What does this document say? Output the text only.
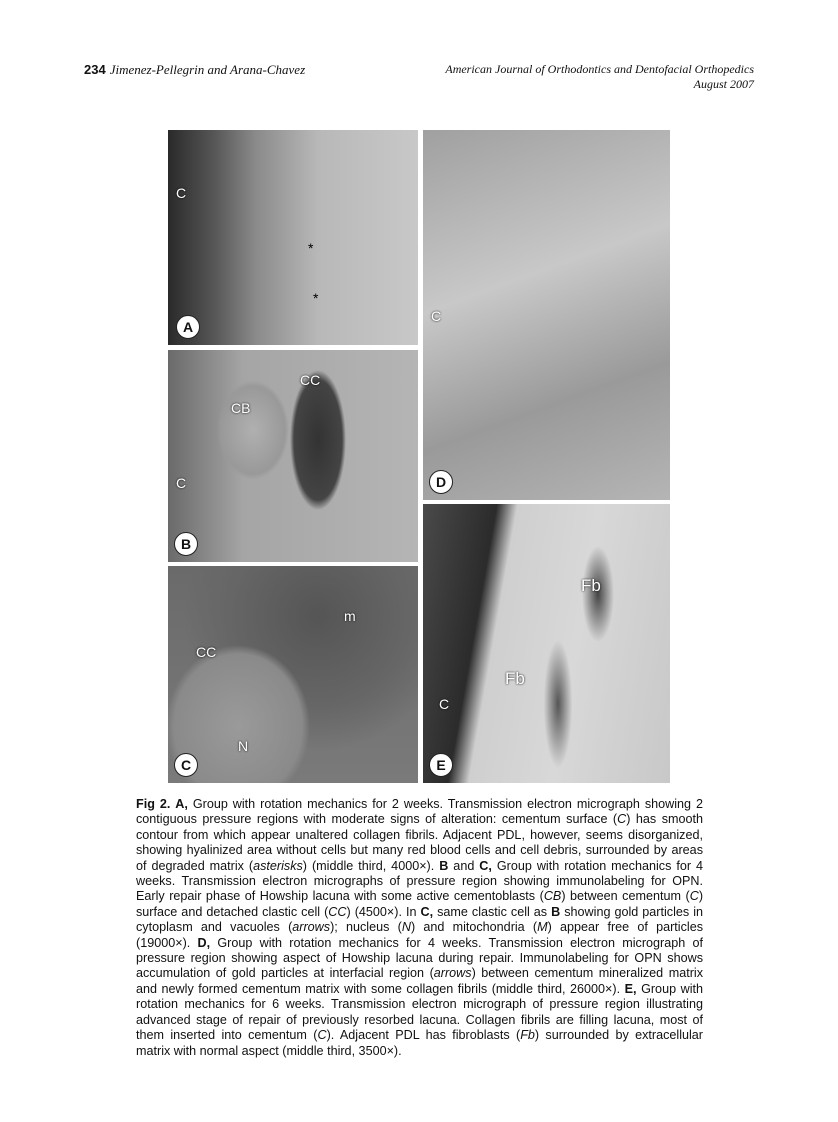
234 Jimenez-Pellegrin and Arana-Chavez	American Journal of Orthodontics and Dentofacial Orthopedics
August 2007
C
*
*
A
CC
CB
C
B
CC
m
N
C
C
D
Fb
Fb
C
E
Fig 2. A, Group with rotation mechanics for 2 weeks. Transmission electron micrograph showing 2 contiguous pressure regions with moderate signs of alteration: cementum surface (C) has smooth contour from which appear unaltered collagen fibrils. Adjacent PDL, however, seems disorganized, showing hyalinized area without cells but many red blood cells and cell debris, surrounded by areas of degraded matrix (asterisks) (middle third, 4000×). B and C, Group with rotation mechanics for 4 weeks. Transmission electron micrographs of pressure region showing immunolabeling for OPN. Early repair phase of Howship lacuna with some active cementoblasts (CB) between cementum (C) surface and detached clastic cell (CC) (4500×). In C, same clastic cell as B showing gold particles in cytoplasm and vacuoles (arrows); nucleus (N) and mitochondria (M) appear free of particles (19000×). D, Group with rotation mechanics for 4 weeks. Transmission electron micrograph of pressure region showing aspect of Howship lacuna during repair. Immunolabeling for OPN shows accumulation of gold particles at interfacial region (arrows) between cementum mineralized matrix and newly formed cementum matrix with some collagen fibrils (middle third, 26000×). E, Group with rotation mechanics for 6 weeks. Transmission electron micrograph of pressure region illustrating advanced stage of repair of previously resorbed lacuna. Collagen fibrils are filling lacuna, most of them inserted into cementum (C). Adjacent PDL has fibroblasts (Fb) surrounded by extracellular matrix with normal aspect (middle third, 3500×).
